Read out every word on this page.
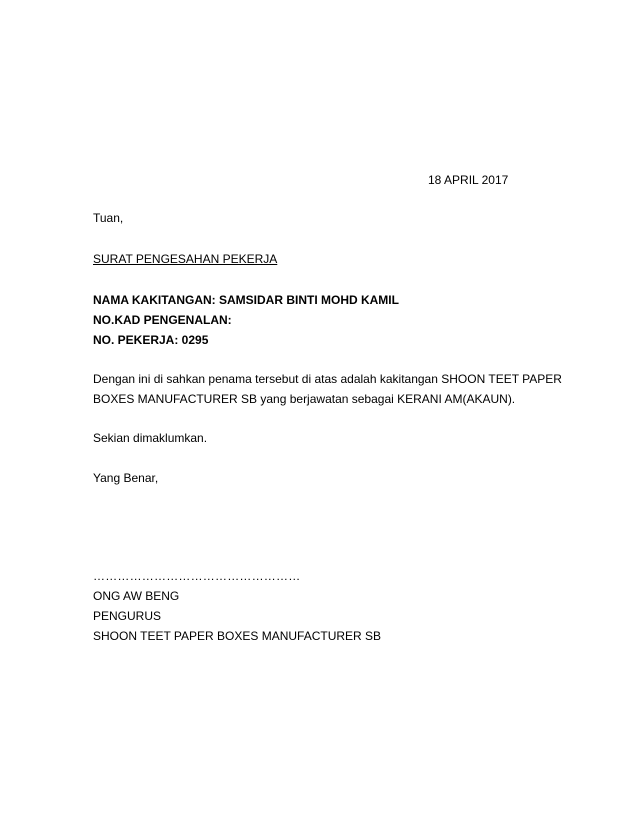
18 APRIL 2017
Tuan,
SURAT PENGESAHAN PEKERJA
NAMA KAKITANGAN: SAMSIDAR BINTI MOHD KAMIL
NO.KAD PENGENALAN:
NO. PEKERJA: 0295
Dengan ini di sahkan penama tersebut di atas adalah kakitangan SHOON TEET PAPER
BOXES MANUFACTURER SB yang berjawatan sebagai KERANI AM(AKAUN).
Sekian dimaklumkan.
Yang Benar,
……………………………………………
ONG AW BENG
PENGURUS
SHOON TEET PAPER BOXES MANUFACTURER SB
